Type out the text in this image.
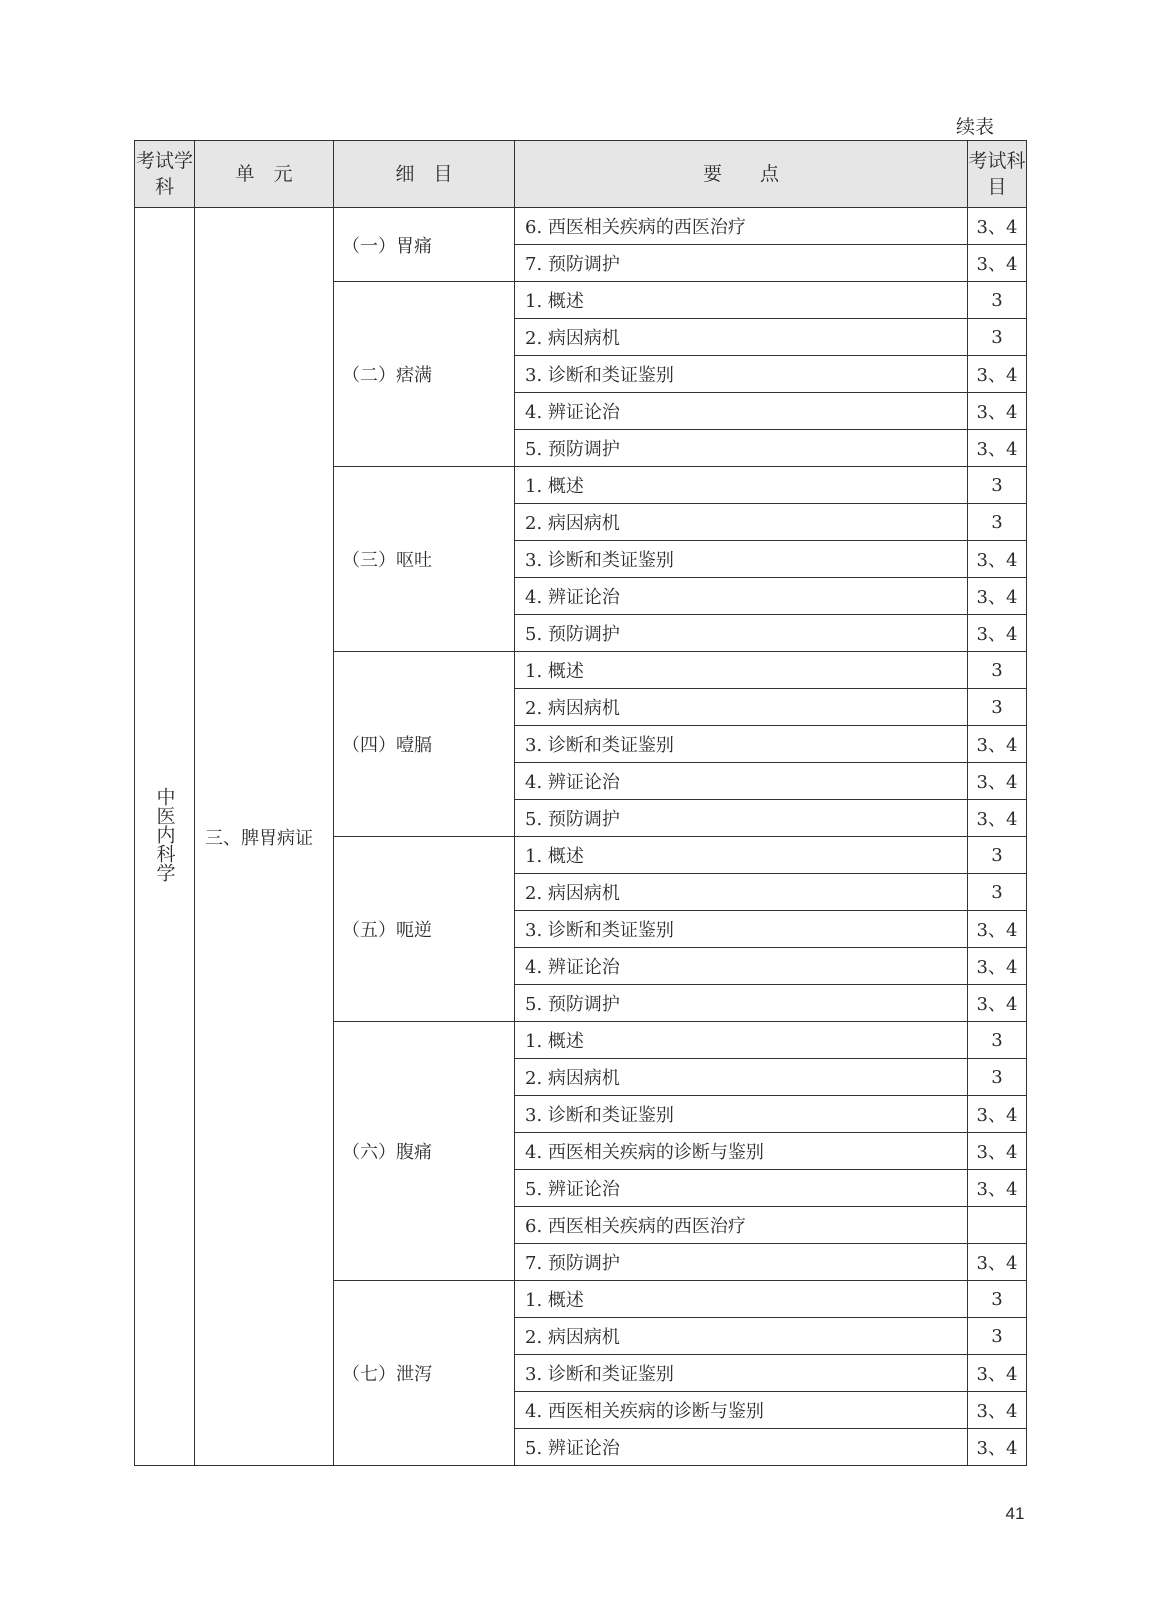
续表
考试学科	单　元	细　目	要　　点	考试科目
中医内科学	三、脾胃病证	（一）胃痛	6. 西医相关疾病的西医治疗	3、4
			7. 预防调护	3、4
		（二）痞满	1. 概述	3
			2. 病因病机	3
			3. 诊断和类证鉴别	3、4
			4. 辨证论治	3、4
			5. 预防调护	3、4
		（三）呕吐	1. 概述	3
			2. 病因病机	3
			3. 诊断和类证鉴别	3、4
			4. 辨证论治	3、4
			5. 预防调护	3、4
		（四）噎膈	1. 概述	3
			2. 病因病机	3
			3. 诊断和类证鉴别	3、4
			4. 辨证论治	3、4
			5. 预防调护	3、4
		（五）呃逆	1. 概述	3
			2. 病因病机	3
			3. 诊断和类证鉴别	3、4
			4. 辨证论治	3、4
			5. 预防调护	3、4
		（六）腹痛	1. 概述	3
			2. 病因病机	3
			3. 诊断和类证鉴别	3、4
			4. 西医相关疾病的诊断与鉴别	3、4
			5. 辨证论治	3、4
			6. 西医相关疾病的西医治疗	
			7. 预防调护	3、4
		（七）泄泻	1. 概述	3
			2. 病因病机	3
			3. 诊断和类证鉴别	3、4
			4. 西医相关疾病的诊断与鉴别	3、4
			5. 辨证论治	3、4
41
